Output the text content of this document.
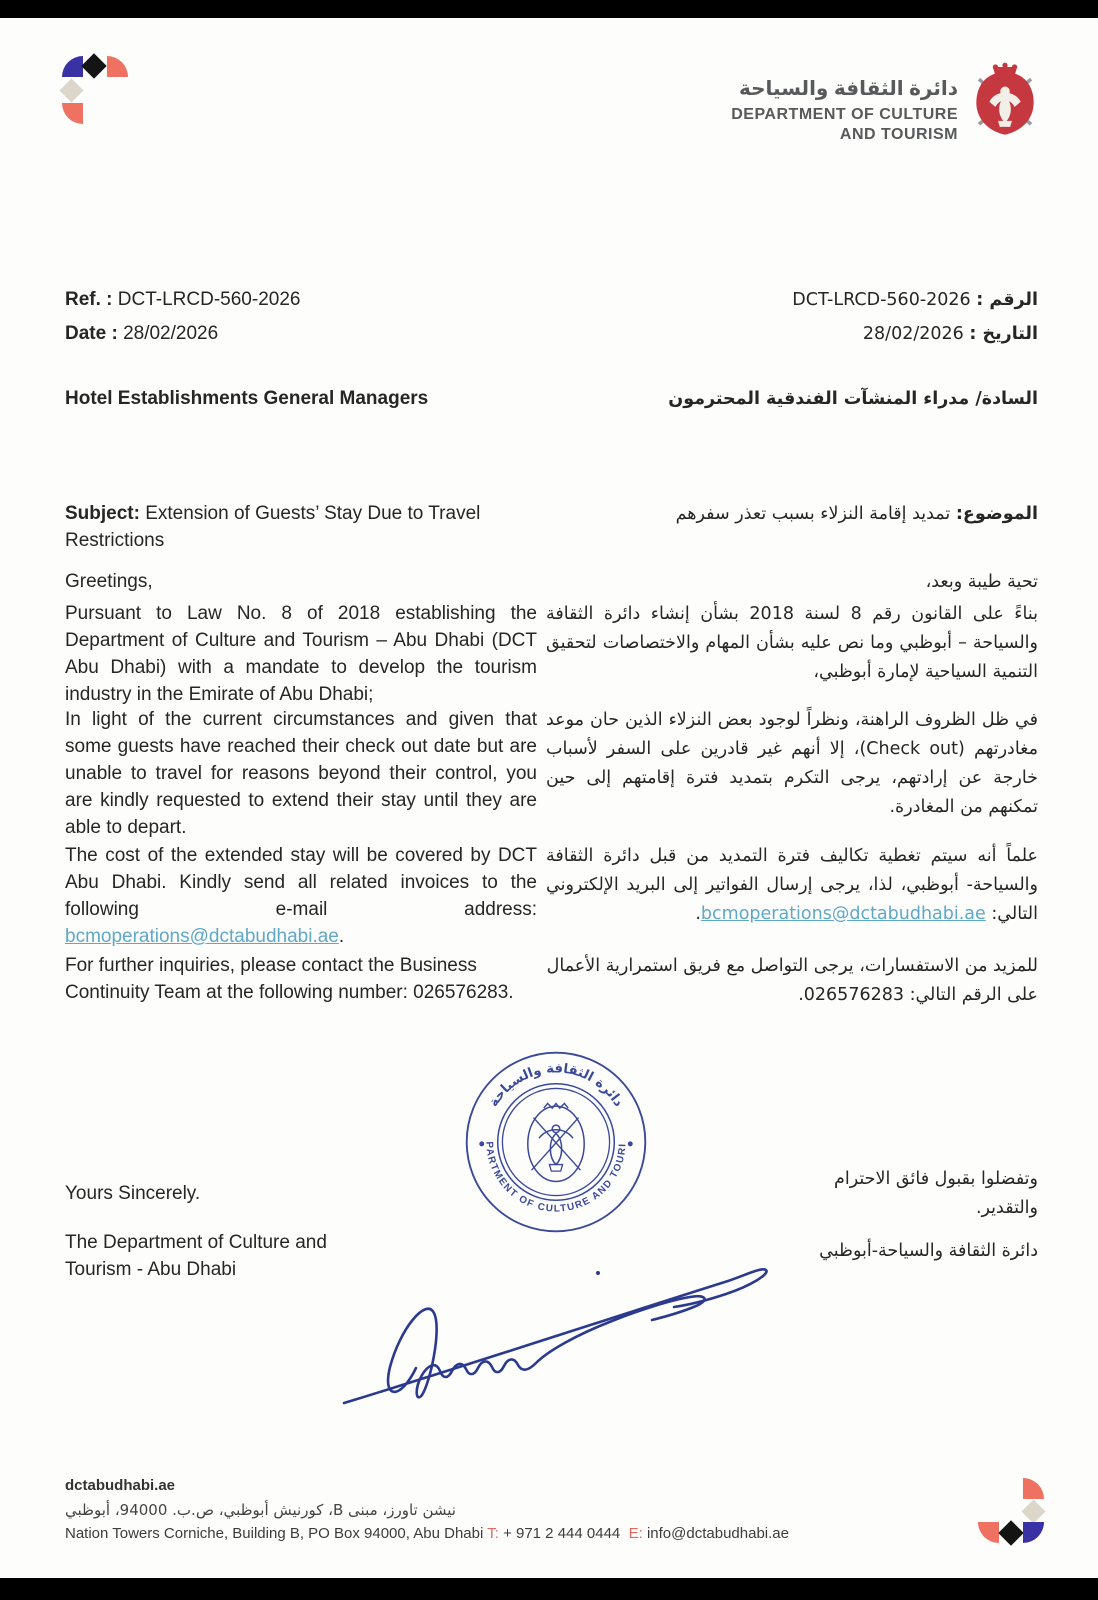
دائرة الثقافة والسياحة
DEPARTMENT OF CULTURE
AND TOURISM
Ref. : DCT-LRCD-560-2026	الرقم : DCT-LRCD-560-2026
Date : 28/02/2026	التاريخ : 28/02/2026
Hotel Establishments General Managers	السادة/ مدراء المنشآت الفندقية المحترمون
Subject: Extension of Guests’ Stay Due to Travel Restrictions
الموضوع: تمديد إقامة النزلاء بسبب تعذر سفرهم
Greetings,	تحية طيبة وبعد،
Pursuant to Law No. 8 of 2018 establishing the Department of Culture and Tourism – Abu Dhabi (DCT Abu Dhabi) with a mandate to develop the tourism industry in the Emirate of Abu Dhabi;
بناءً على القانون رقم 8 لسنة 2018 بشأن إنشاء دائرة الثقافة والسياحة – أبوظبي وما نص عليه بشأن المهام والاختصاصات لتحقيق التنمية السياحية لإمارة أبوظبي،
In light of the current circumstances and given that some guests have reached their check out date but are unable to travel for reasons beyond their control, you are kindly requested to extend their stay until they are able to depart.
في ظل الظروف الراهنة، ونظراً لوجود بعض النزلاء الذين حان موعد مغادرتهم (Check out)، إلا أنهم غير قادرين على السفر لأسباب خارجة عن إرادتهم، يرجى التكرم بتمديد فترة إقامتهم إلى حين تمكنهم من المغادرة.
The cost of the extended stay will be covered by DCT Abu Dhabi. Kindly send all related invoices to the following e-mail address: bcmoperations@dctabudhabi.ae.
علماً أنه سيتم تغطية تكاليف فترة التمديد من قبل دائرة الثقافة والسياحة- أبوظبي، لذا، يرجى إرسال الفواتير إلى البريد الإلكتروني التالي: bcmoperations@dctabudhabi.ae.
For further inquiries, please contact the Business Continuity Team at the following number: 026576283.
للمزيد من الاستفسارات، يرجى التواصل مع فريق استمرارية الأعمال على الرقم التالي: 026576283.
دائرة الثقافة والسياحة
DEPARTMENT OF CULTURE AND TOURISM
Yours Sincerely.
The Department of Culture and Tourism - Abu Dhabi
وتفضلوا بقبول فائق الاحترام والتقدير.
دائرة الثقافة والسياحة-أبوظبي
dctabudhabi.ae
نيشن تاورز، مبنى B، كورنيش أبوظبي، ص.ب. 94000، أبوظبي
Nation Towers Corniche, Building B, PO Box 94000, Abu Dhabi T: + 971 2 444 0444 E: info@dctabudhabi.ae
